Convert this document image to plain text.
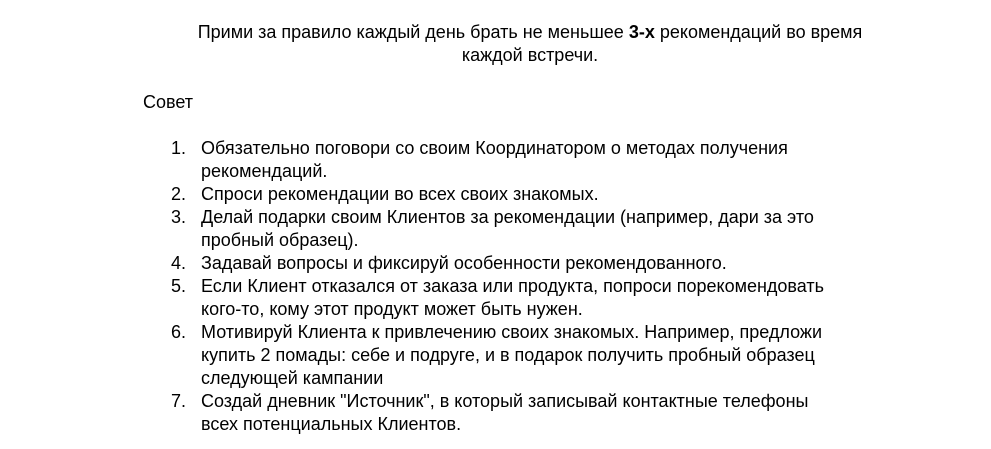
Прими за правило каждый день брать не меньшее 3-х рекомендаций во время
каждой встречи.

Совет
1. Обязательно поговори со своим Координатором о методах получения
рекомендаций.
2. Спроси рекомендации во всех своих знакомых.
3. Делай подарки своим Клиентов за рекомендации (например, дари за это
пробный образец).
4. Задавай вопросы и фиксируй особенности рекомендованного.
5. Если Клиент отказался от заказа или продукта, попроси порекомендовать
кого-то, кому этот продукт может быть нужен.
6. Мотивируй Клиента к привлечению своих знакомых. Например, предложи
купить 2 помады: себе и подруге, и в подарок получить пробный образец
следующей кампании
7. Создай дневник "Источник", в который записывай контактные телефоны
всех потенциальных Клиентов.
